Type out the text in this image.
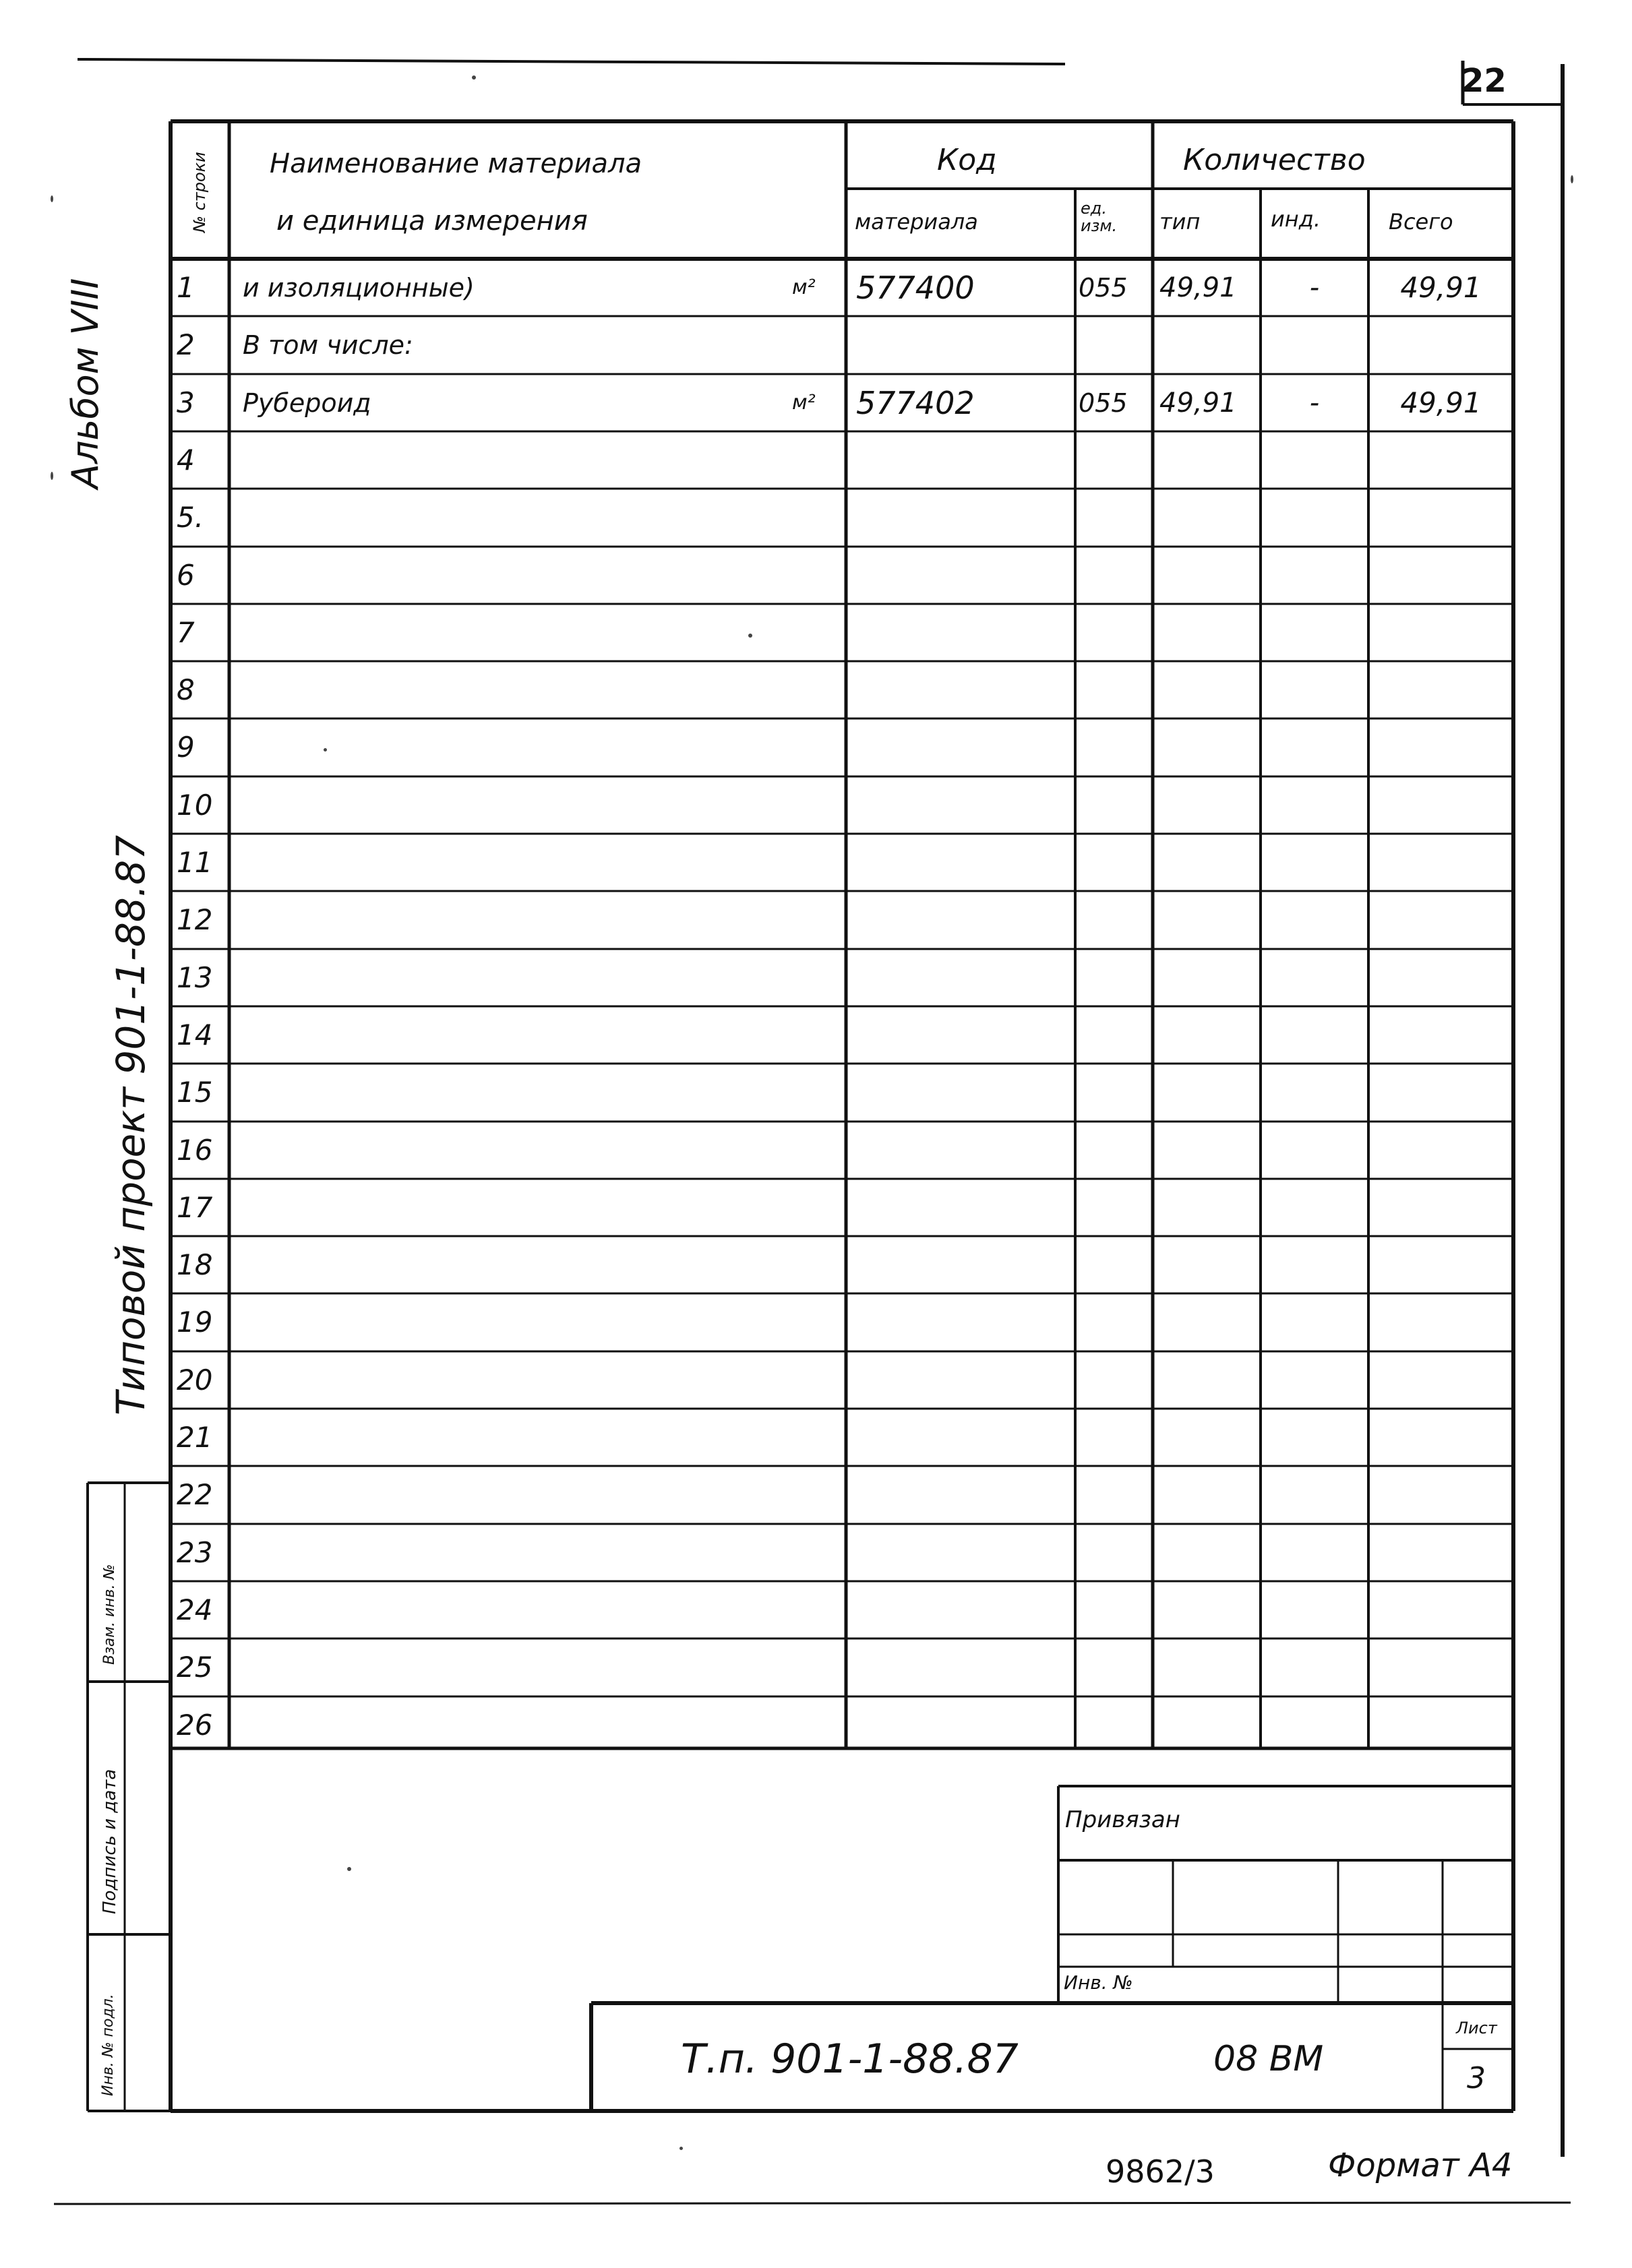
22
Альбом VIII
Типовой проект 901-1-88.87
№ строки Наименование материала
и единица измерения
Код
материала
ед. изм.
Количество
тип	инд.	Всего
1	и изоляционные)	м²	577400	055	49,91	-	49,91
2	В том числе:
3	Рубероид	м²	577402	055	49,91	-	49,91
4
5.
6
7
8
9
10
11
12
13
14
15
16
17
18
19
20
21
22
23
24
25
26
Взам. инв. №
Подпись и дата
Инв. № подл.
Привязан
Инв. №
Т.п. 901-1-88.87	08 ВМ
Лист
3
9862/3	Формат А4
